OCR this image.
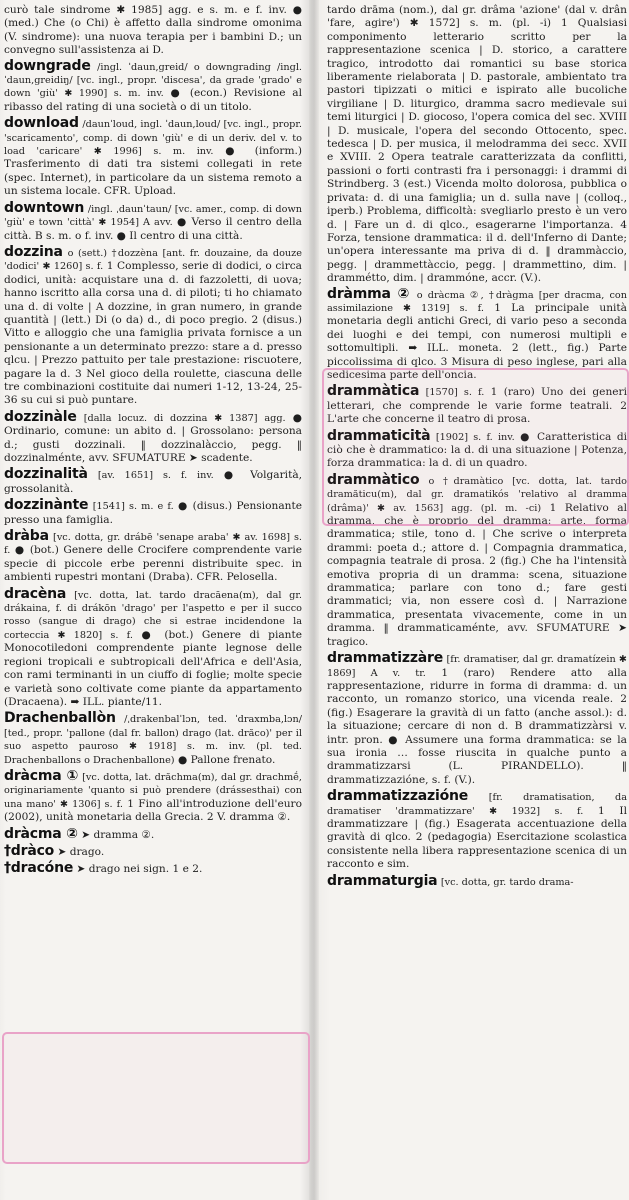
curò tale sindrome ✱ 1985] agg. e s. m. e f. inv. ● (med.) Che (o Chi) è affetto dalla sindrome omonima (V. sindrome): una nuova terapia per i bambini D.; un convegno sull'assistenza ai D.

downgrade /ingl. ˈdaun,greid/ o downgrading /ingl. ˈdaun,greidiŋ/ [vc. ingl., propr. 'discesa', da grade 'grado' e down 'giù' ✱ 1990] s. m. inv. ● (econ.) Revisione al ribasso del rating di una società o di un titolo.

download /daunˈloud, ingl. ˈdaun,loud/ [vc. ingl., propr. 'scaricamento', comp. di down 'giù' e di un deriv. del v. to load 'caricare' ✱ 1996] s. m. inv. ● (inform.) Trasferimento di dati tra sistemi collegati in rete (spec. Internet), in particolare da un sistema remoto a un sistema locale. CFR. Upload.

downtown /ingl. ˌdaunˈtaun/ [vc. amer., comp. di down 'giù' e town 'città' ✱ 1954] A avv. ● Verso il centro della città. B s. m. o f. inv. ● Il centro di una città.

dozzina o (sett.) †dozzèna [ant. fr. douzaine, da douze 'dodici' ✱ 1260] s. f. 1 Complesso, serie di dodici, o circa dodici, unità: acquistare una d. di fazzoletti, di uova; hanno iscritto alla corsa una d. di piloti; ti ho chiamato una d. di volte | A dozzine, in gran numero, in grande quantità | (lett.) Di (o da) d., di poco pregio. 2 (disus.) Vitto e alloggio che una famiglia privata fornisce a un pensionante a un determinato prezzo: stare a d. presso qlcu. | Prezzo pattuito per tale prestazione: riscuotere, pagare la d. 3 Nel gioco della roulette, ciascuna delle tre combinazioni costituite dai numeri 1-12, 13-24, 25-36 su cui si può puntare.

dozzinàle [dalla locuz. di dozzina ✱ 1387] agg. ● Ordinario, comune: un abito d. | Grossolano: persona d.; gusti dozzinali. ‖ dozzinalàccio, pegg. ‖ dozzinalménte, avv. SFUMATURE ➤ scadente.

dozzinalità [av. 1651] s. f. inv. ● Volgarità, grossolanità.

dozzinànte [1541] s. m. e f. ● (disus.) Pensionante presso una famiglia.

dràba [vc. dotta, gr. drábē 'senape araba' ✱ av. 1698] s. f. ● (bot.) Genere delle Crocifere comprendente varie specie di piccole erbe perenni distribuite spec. in ambienti rupestri montani (Draba). CFR. Pelosella.

dracèna [vc. dotta, lat. tardo dracāena(m), dal gr. drákaina, f. di drákōn 'drago' per l'aspetto e per il succo rosso (sangue di drago) che si estrae incidendone la corteccia ✱ 1820] s. f. ● (bot.) Genere di piante Monocotiledoni comprendente piante legnose delle regioni tropicali e subtropicali dell'Africa e dell'Asia, con rami terminanti in un ciuffo di foglie; molte specie e varietà sono coltivate come piante da appartamento (Dracaena). ➡ ILL. piante/11.

Drachenballòn /ˌdrakenbalˈlɔn, ted. ˈdraxmba,lɔn/ [ted., propr. 'pallone (dal fr. ballon) drago (lat. drăco)' per il suo aspetto pauroso ✱ 1918] s. m. inv. (pl. ted. Drachenballons o Drachenballone) ● Pallone frenato.

dràcma ① [vc. dotta, lat. drăchma(m), dal gr. drachmḗ, originariamente 'quanto si può prendere (drássesthai) con una mano' ✱ 1306] s. f. 1 Fino all'introduzione dell'euro (2002), unità monetaria della Grecia. 2 V. dramma ②.

dràcma ② ➤ dramma ②.

†dràco ➤ drago.

†dracóne ➤ drago nei sign. 1 e 2.

tardo drāma (nom.), dal gr. drâma 'azione' (dal v. drân 'fare, agire') ✱ 1572] s. m. (pl. -i) 1 Qualsiasi componimento letterario scritto per la rappresentazione scenica | D. storico, a carattere tragico, introdotto dai romantici su base storica liberamente rielaborata | D. pastorale, ambientato tra pastori tipizzati o mitici e ispirato alle bucoliche virgiliane | D. liturgico, dramma sacro medievale sui temi liturgici | D. giocoso, l'opera comica del sec. XVIII | D. musicale, l'opera del secondo Ottocento, spec. tedesca | D. per musica, il melodramma dei secc. XVII e XVIII. 2 Opera teatrale caratterizzata da conflitti, passioni o forti contrasti fra i personaggi: i drammi di Strindberg. 3 (est.) Vicenda molto dolorosa, pubblica o privata: d. di una famiglia; un d. sulla nave | (colloq., iperb.) Problema, difficoltà: svegliarlo presto è un vero d. | Fare un d. di qlco., esagerarne l'importanza. 4 Forza, tensione drammatica: il d. dell'Inferno di Dante; un'opera interessante ma priva di d. ‖ drammàccio, pegg. | drammettàccio, pegg. | drammettino, dim. | drammétto, dim. | drammóne, accr. (V.).

dràmma ② o dràcma ②, †dràgma [per dracma, con assimilazione ✱ 1319] s. f. 1 La principale unità monetaria degli antichi Greci, di vario peso a seconda dei luoghi e dei tempi, con numerosi multipli e sottomultipli. ➡ ILL. moneta. 2 (lett., fig.) Parte piccolissima di qlco. 3 Misura di peso inglese, pari alla sedicesima parte dell'oncia.

drammàtica [1570] s. f. 1 (raro) Uno dei generi letterari, che comprende le varie forme teatrali. 2 L'arte che concerne il teatro di prosa.

drammaticità [1902] s. f. inv. ● Caratteristica di ciò che è drammatico: la d. di una situazione | Potenza, forza drammatica: la d. di un quadro.

drammàtico o †dramàtico [vc. dotta, lat. tardo dramăticu(m), dal gr. dramatikós 'relativo al dramma (drâma)' ✱ av. 1563] agg. (pl. m. -ci) 1 Relativo al dramma, che è proprio del dramma: arte, forma drammatica; stile, tono d. | Che scrive o interpreta drammi: poeta d.; attore d. | Compagnia drammatica, compagnia teatrale di prosa. 2 (fig.) Che ha l'intensità emotiva propria di un dramma: scena, situazione drammatica; parlare con tono d.; fare gesti drammatici; via, non essere così d. | Narrazione drammatica, presentata vivacemente, come in un dramma. ‖ drammaticaménte, avv. SFUMATURE ➤ tragico.

drammatizzàre [fr. dramatiser, dal gr. dramatízein ✱ 1869] A v. tr. 1 (raro) Rendere atto alla rappresentazione, ridurre in forma di dramma: d. un racconto, un romanzo storico, una vicenda reale. 2 (fig.) Esagerare la gravità di un fatto (anche assol.): d. la situazione; cercare di non d. B drammatizzàrsi v. intr. pron. ● Assumere una forma drammatica: se la sua ironia … fosse riuscita in qualche punto a drammatizzarsi (L. PIRANDELLO). ‖ drammatizzazióne, s. f. (V.).

drammatizzazióne [fr. dramatisation, da dramatiser 'drammatizzare' ✱ 1932] s. f. 1 Il drammatizzare | (fig.) Esagerata accentuazione della gravità di qlco. 2 (pedagogia) Esercitazione scolastica consistente nella libera rappresentazione scenica di un racconto e sim.

drammaturgia [vc. dotta, gr. tardo drama-
